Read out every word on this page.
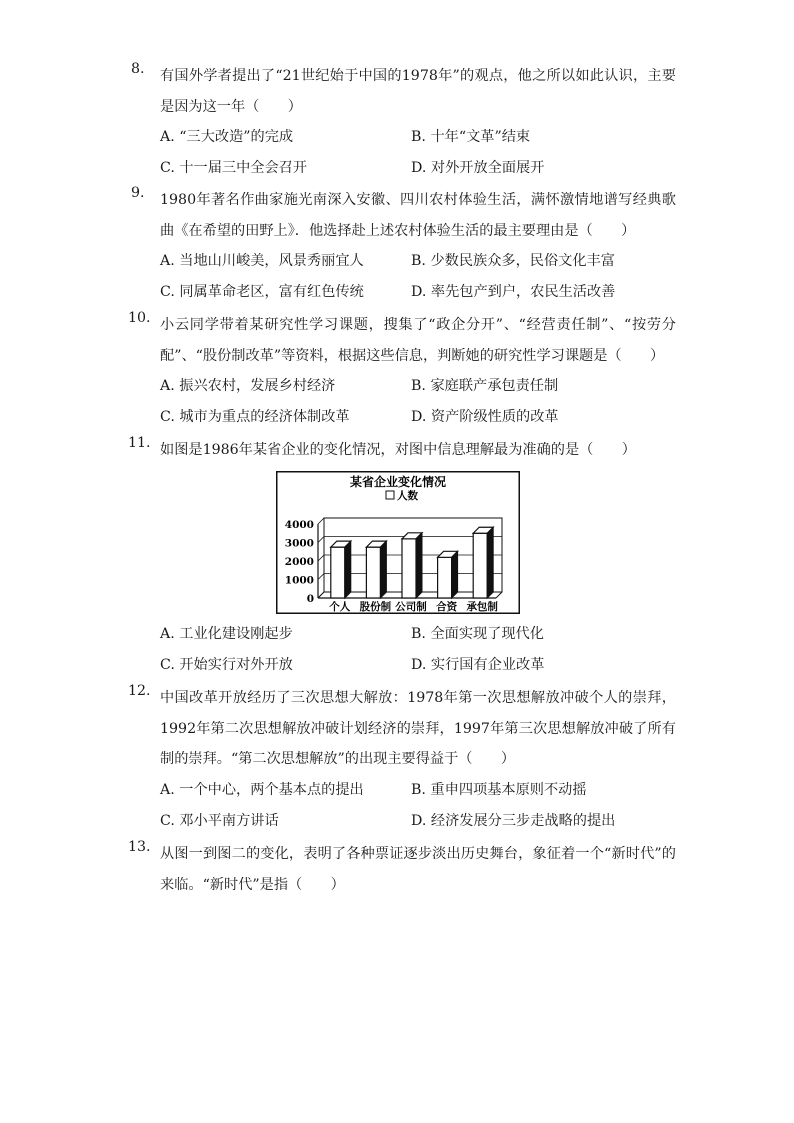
8.	有国外学者提出了“21世纪始于中国的1978年”的观点，他之所以如此认识，主要是因为这一年（　　）
A. “三大改造”的完成	B. 十年“文革”结束
C. 十一届三中全会召开	D. 对外开放全面展开
9.	1980年著名作曲家施光南深入安徽、四川农村体验生活，满怀激情地谱写经典歌曲《在希望的田野上》．他选择赴上述农村体验生活的最主要理由是（　　）
A. 当地山川峻美，风景秀丽宜人	B. 少数民族众多，民俗文化丰富
C. 同属革命老区，富有红色传统	D. 率先包产到户，农民生活改善
10. 小云同学带着某研究性学习课题，搜集了“政企分开”、“经营责任制”、“按劳分配”、“股份制改革”等资料，根据这些信息，判断她的研究性学习课题是（　　）
A. 振兴农村，发展乡村经济	B. 家庭联产承包责任制
C. 城市为重点的经济体制改革	D. 资产阶级性质的改革
11. 如图是1986年某省企业的变化情况，对图中信息理解最为准确的是（　　）
某省企业变化情况
人数
4000
3000
2000
1000
0
个人 股份制 公司制 合资 承包制
A. 工业化建设刚起步	B. 全面实现了现代化
C. 开始实行对外开放	D. 实行国有企业改革
12. 中国改革开放经历了三次思想大解放：1978年第一次思想解放冲破个人的崇拜，1992年第二次思想解放冲破计划经济的崇拜，1997年第三次思想解放冲破了所有制的崇拜。“第二次思想解放”的出现主要得益于（　　）
A. 一个中心，两个基本点的提出	B. 重申四项基本原则不动摇
C. 邓小平南方讲话	D. 经济发展分三步走战略的提出
13. 从图一到图二的变化，表明了各种票证逐步淡出历史舞台，象征着一个“新时代”的来临。“新时代”是指（　　）
